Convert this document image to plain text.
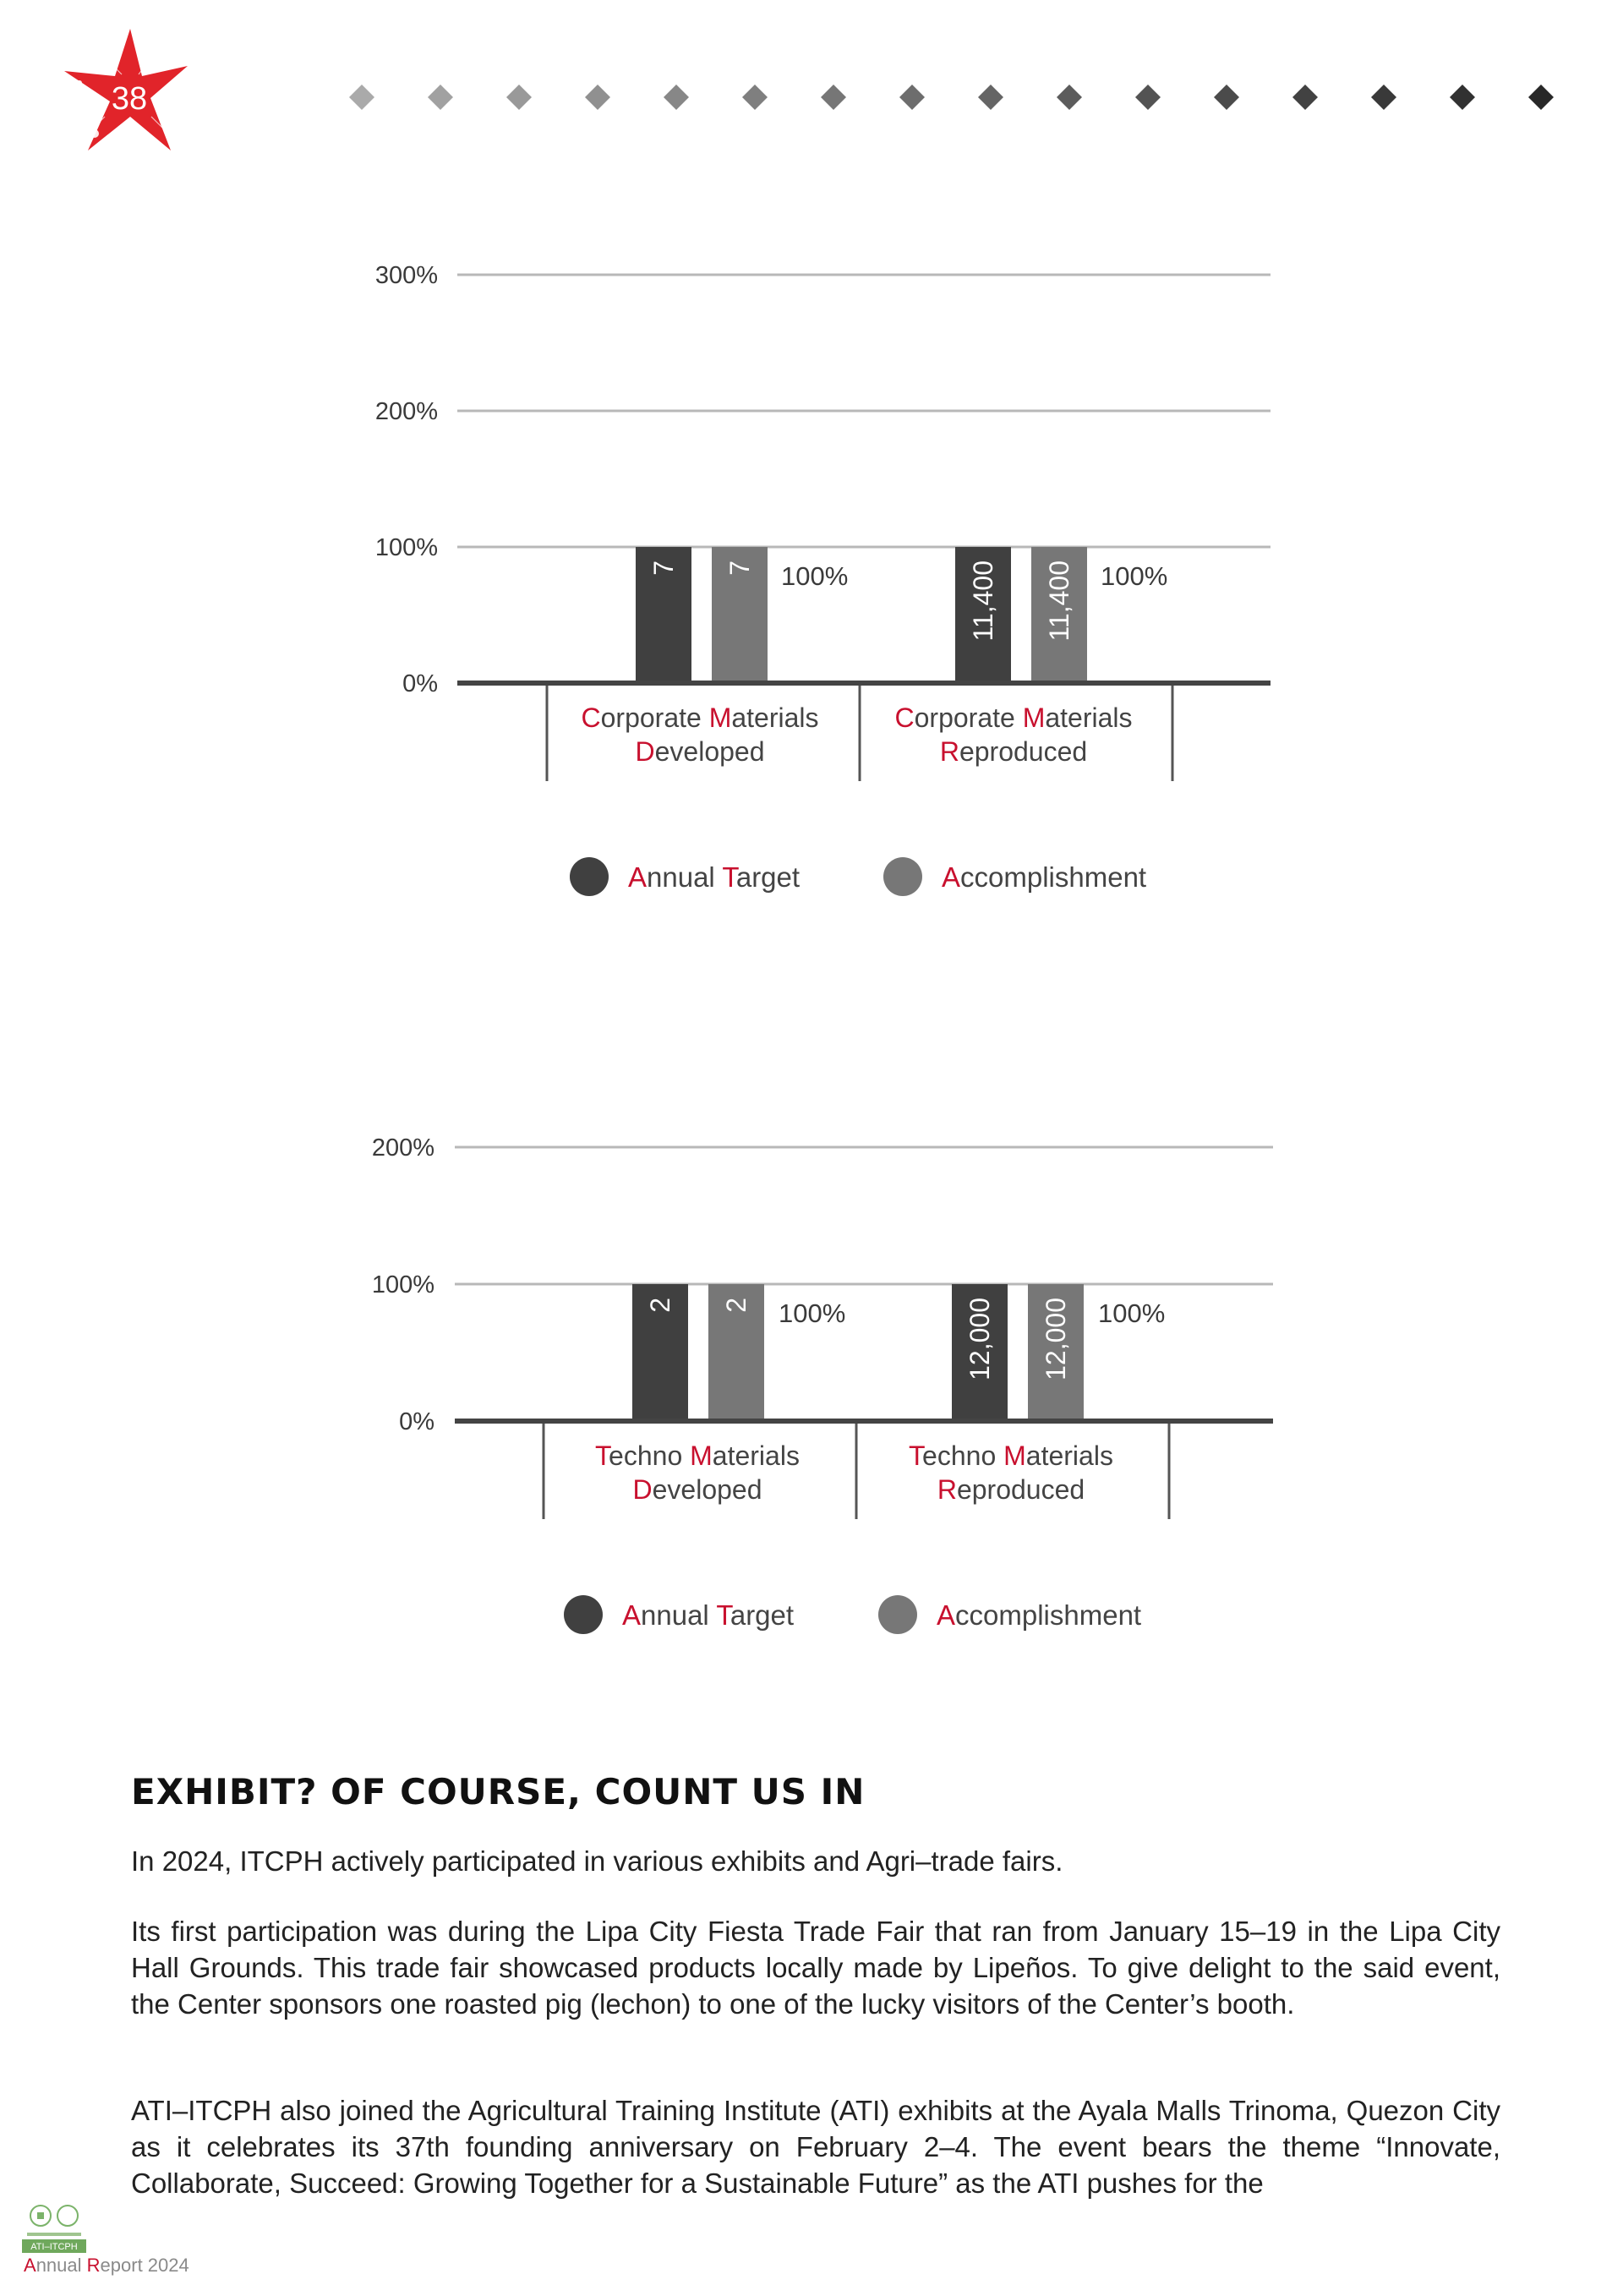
38
0%
100%
200%
300%
7 7 100%
Corporate Materials
Developed
11,400 11,400 100%
Corporate Materials
Reproduced
Annual Target	Accomplishment
0%
100%
200%
2 2 100%
Techno Materials
Developed
12,000 12,000 100%
Techno Materials
Reproduced
Annual Target	Accomplishment
EXHIBIT? OF COURSE, COUNT US IN

In 2024, ITCPH actively participated in various exhibits and Agri–trade fairs.

Its first participation was during the Lipa City Fiesta Trade Fair that ran from January 15–19 in the Lipa City Hall Grounds. This trade fair showcased products locally made by Lipeños. To give delight to the said event, the Center sponsors one roasted pig (lechon) to one of the lucky visitors of the Center’s booth.

ATI–ITCPH also joined the Agricultural Training Institute (ATI) exhibits at the Ayala Malls Trinoma, Quezon City as it celebrates its 37th founding anniversary on February 2–4. The event bears the theme “Innovate, Collaborate, Succeed: Growing Together for a Sustainable Future” as the ATI pushes for the

ATI–ITCPH
Annual Report 2024
